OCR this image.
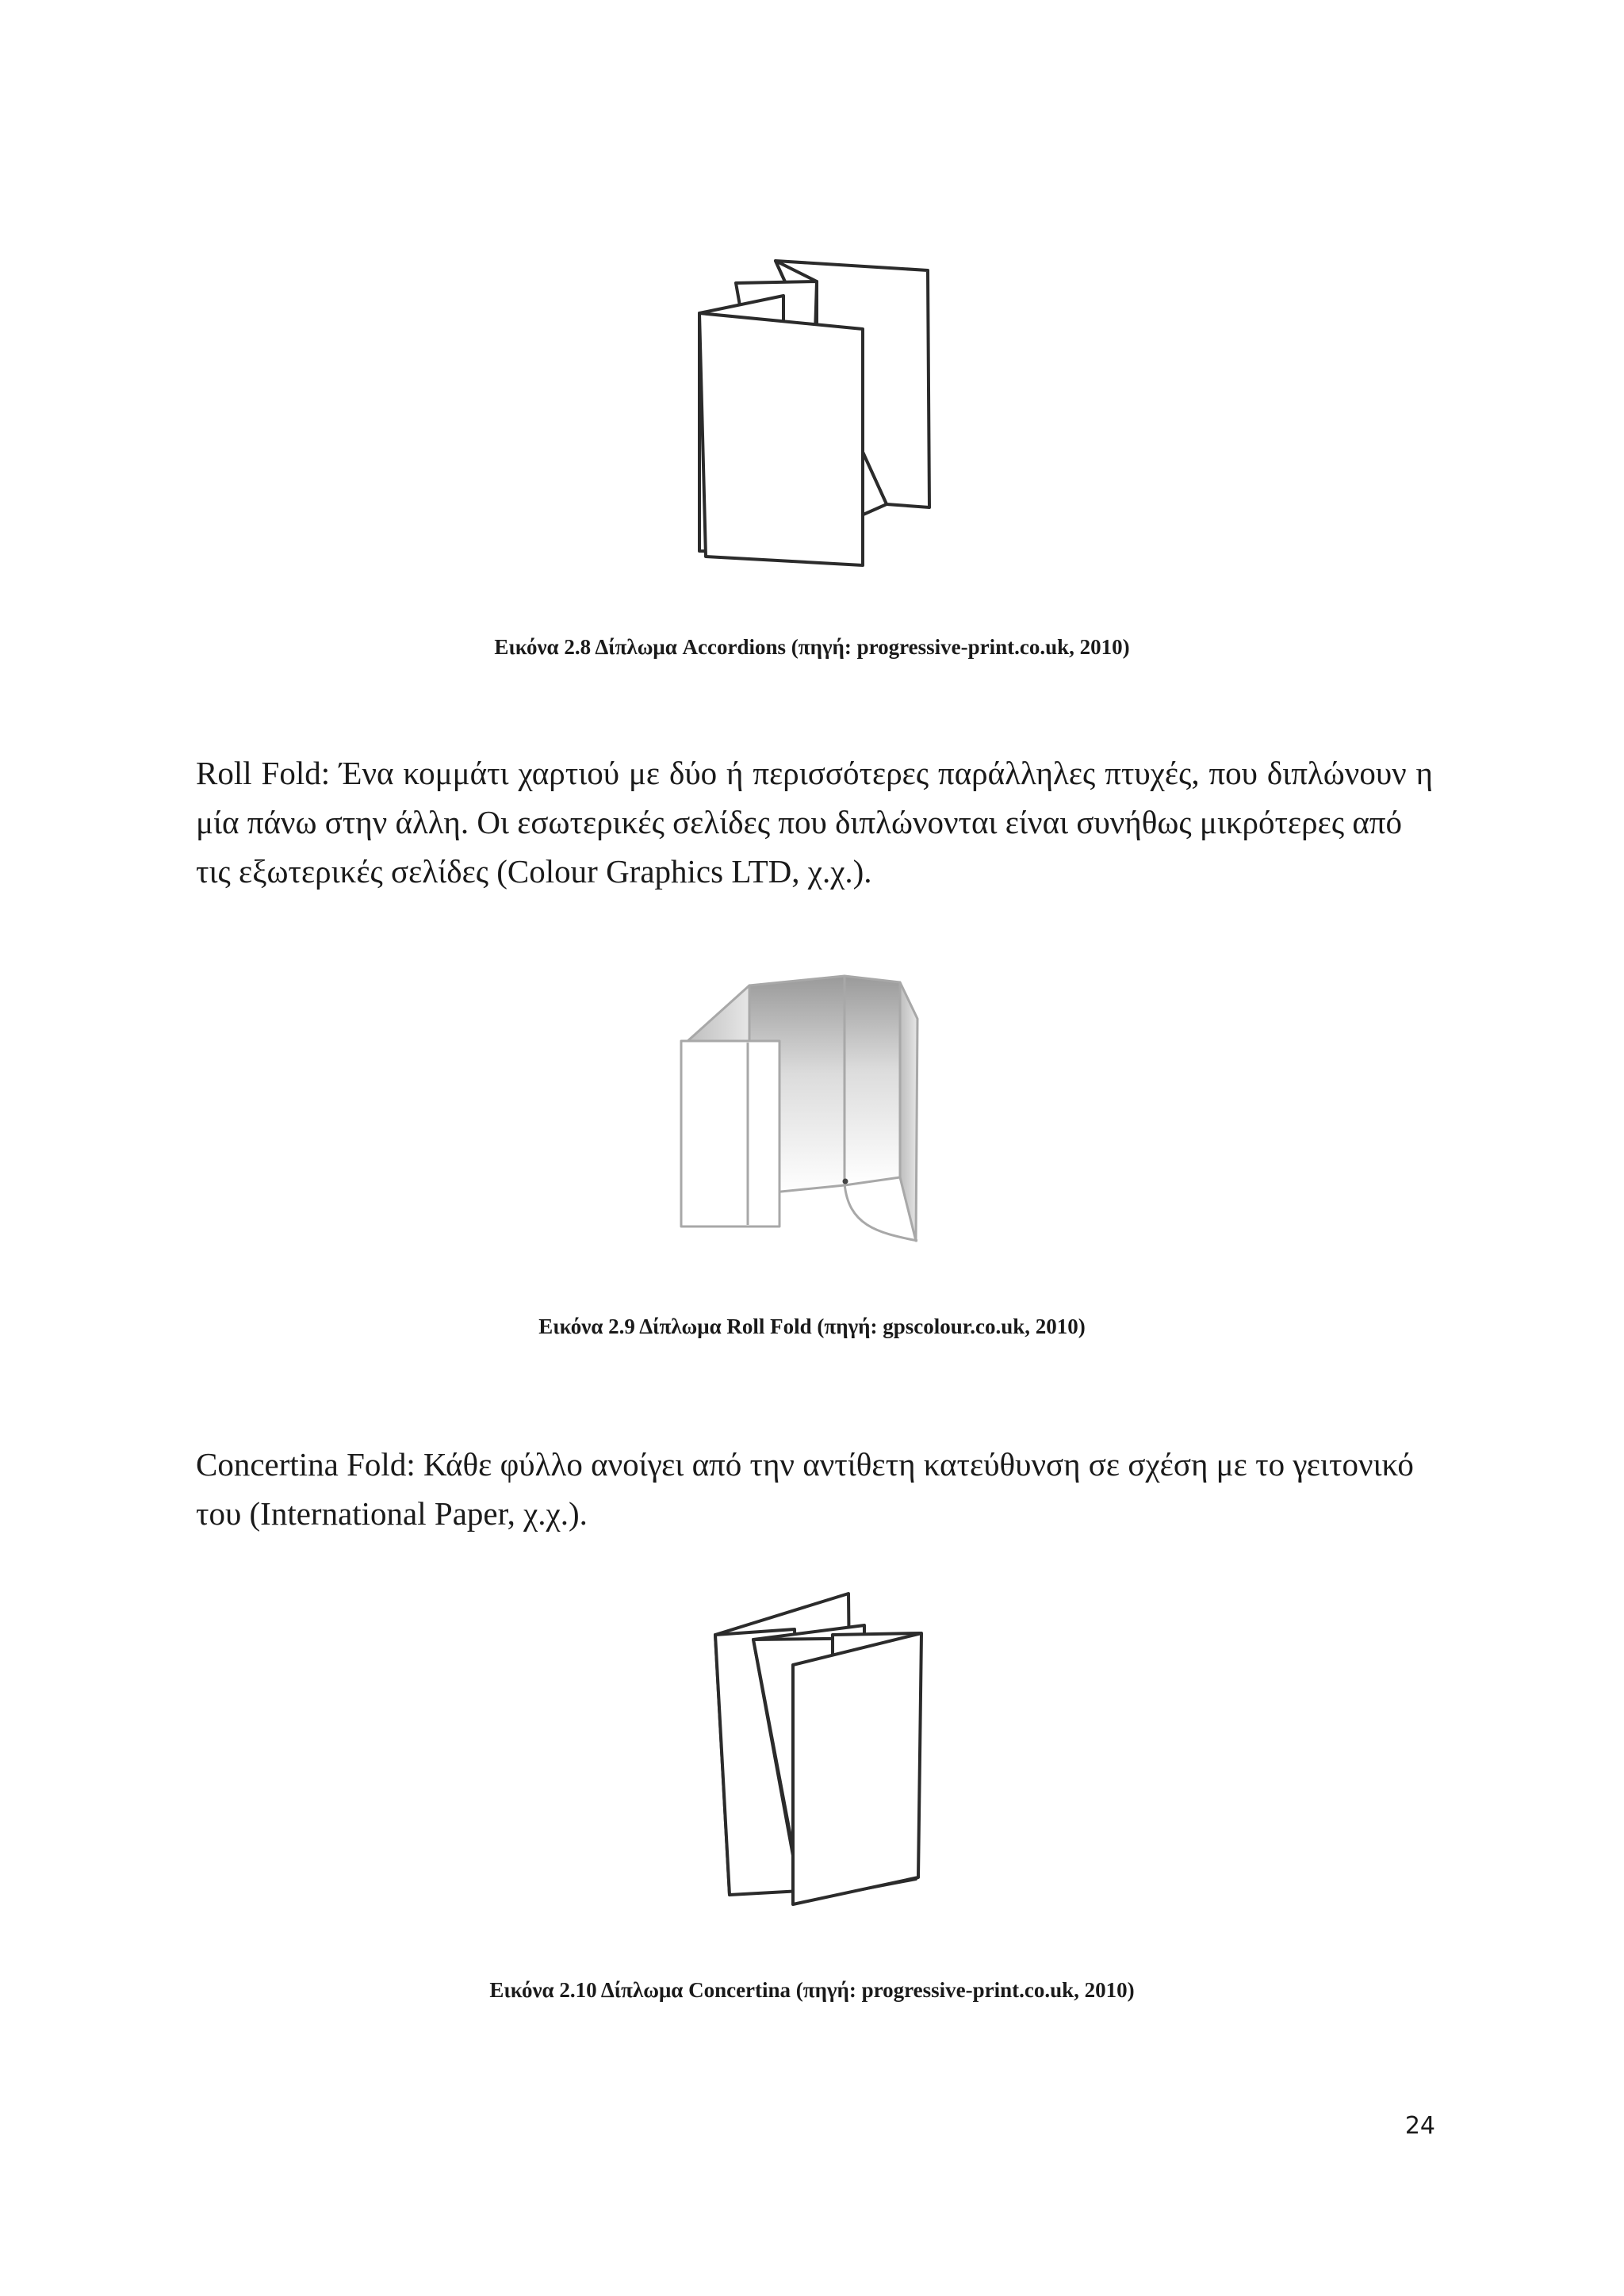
Εικόνα 2.8 Δίπλωμα Accordions (πηγή: progressive-print.co.uk, 2010)
Roll Fold: Ένα κομμάτι χαρτιού με δύο ή περισσότερες παράλληλες πτυχές, που διπλώνουν η
μία πάνω στην άλλη. Οι εσωτερικές σελίδες που διπλώνονται είναι συνήθως μικρότερες από
τις εξωτερικές σελίδες (Colour Graphics LTD, χ.χ.).
Εικόνα 2.9 Δίπλωμα Roll Fold (πηγή: gpscolour.co.uk, 2010)
Concertina Fold: Κάθε φύλλο ανοίγει από την αντίθετη κατεύθυνση σε σχέση με το γειτονικό
του (International Paper, χ.χ.).
Εικόνα 2.10 Δίπλωμα Concertina (πηγή: progressive-print.co.uk, 2010)
24
